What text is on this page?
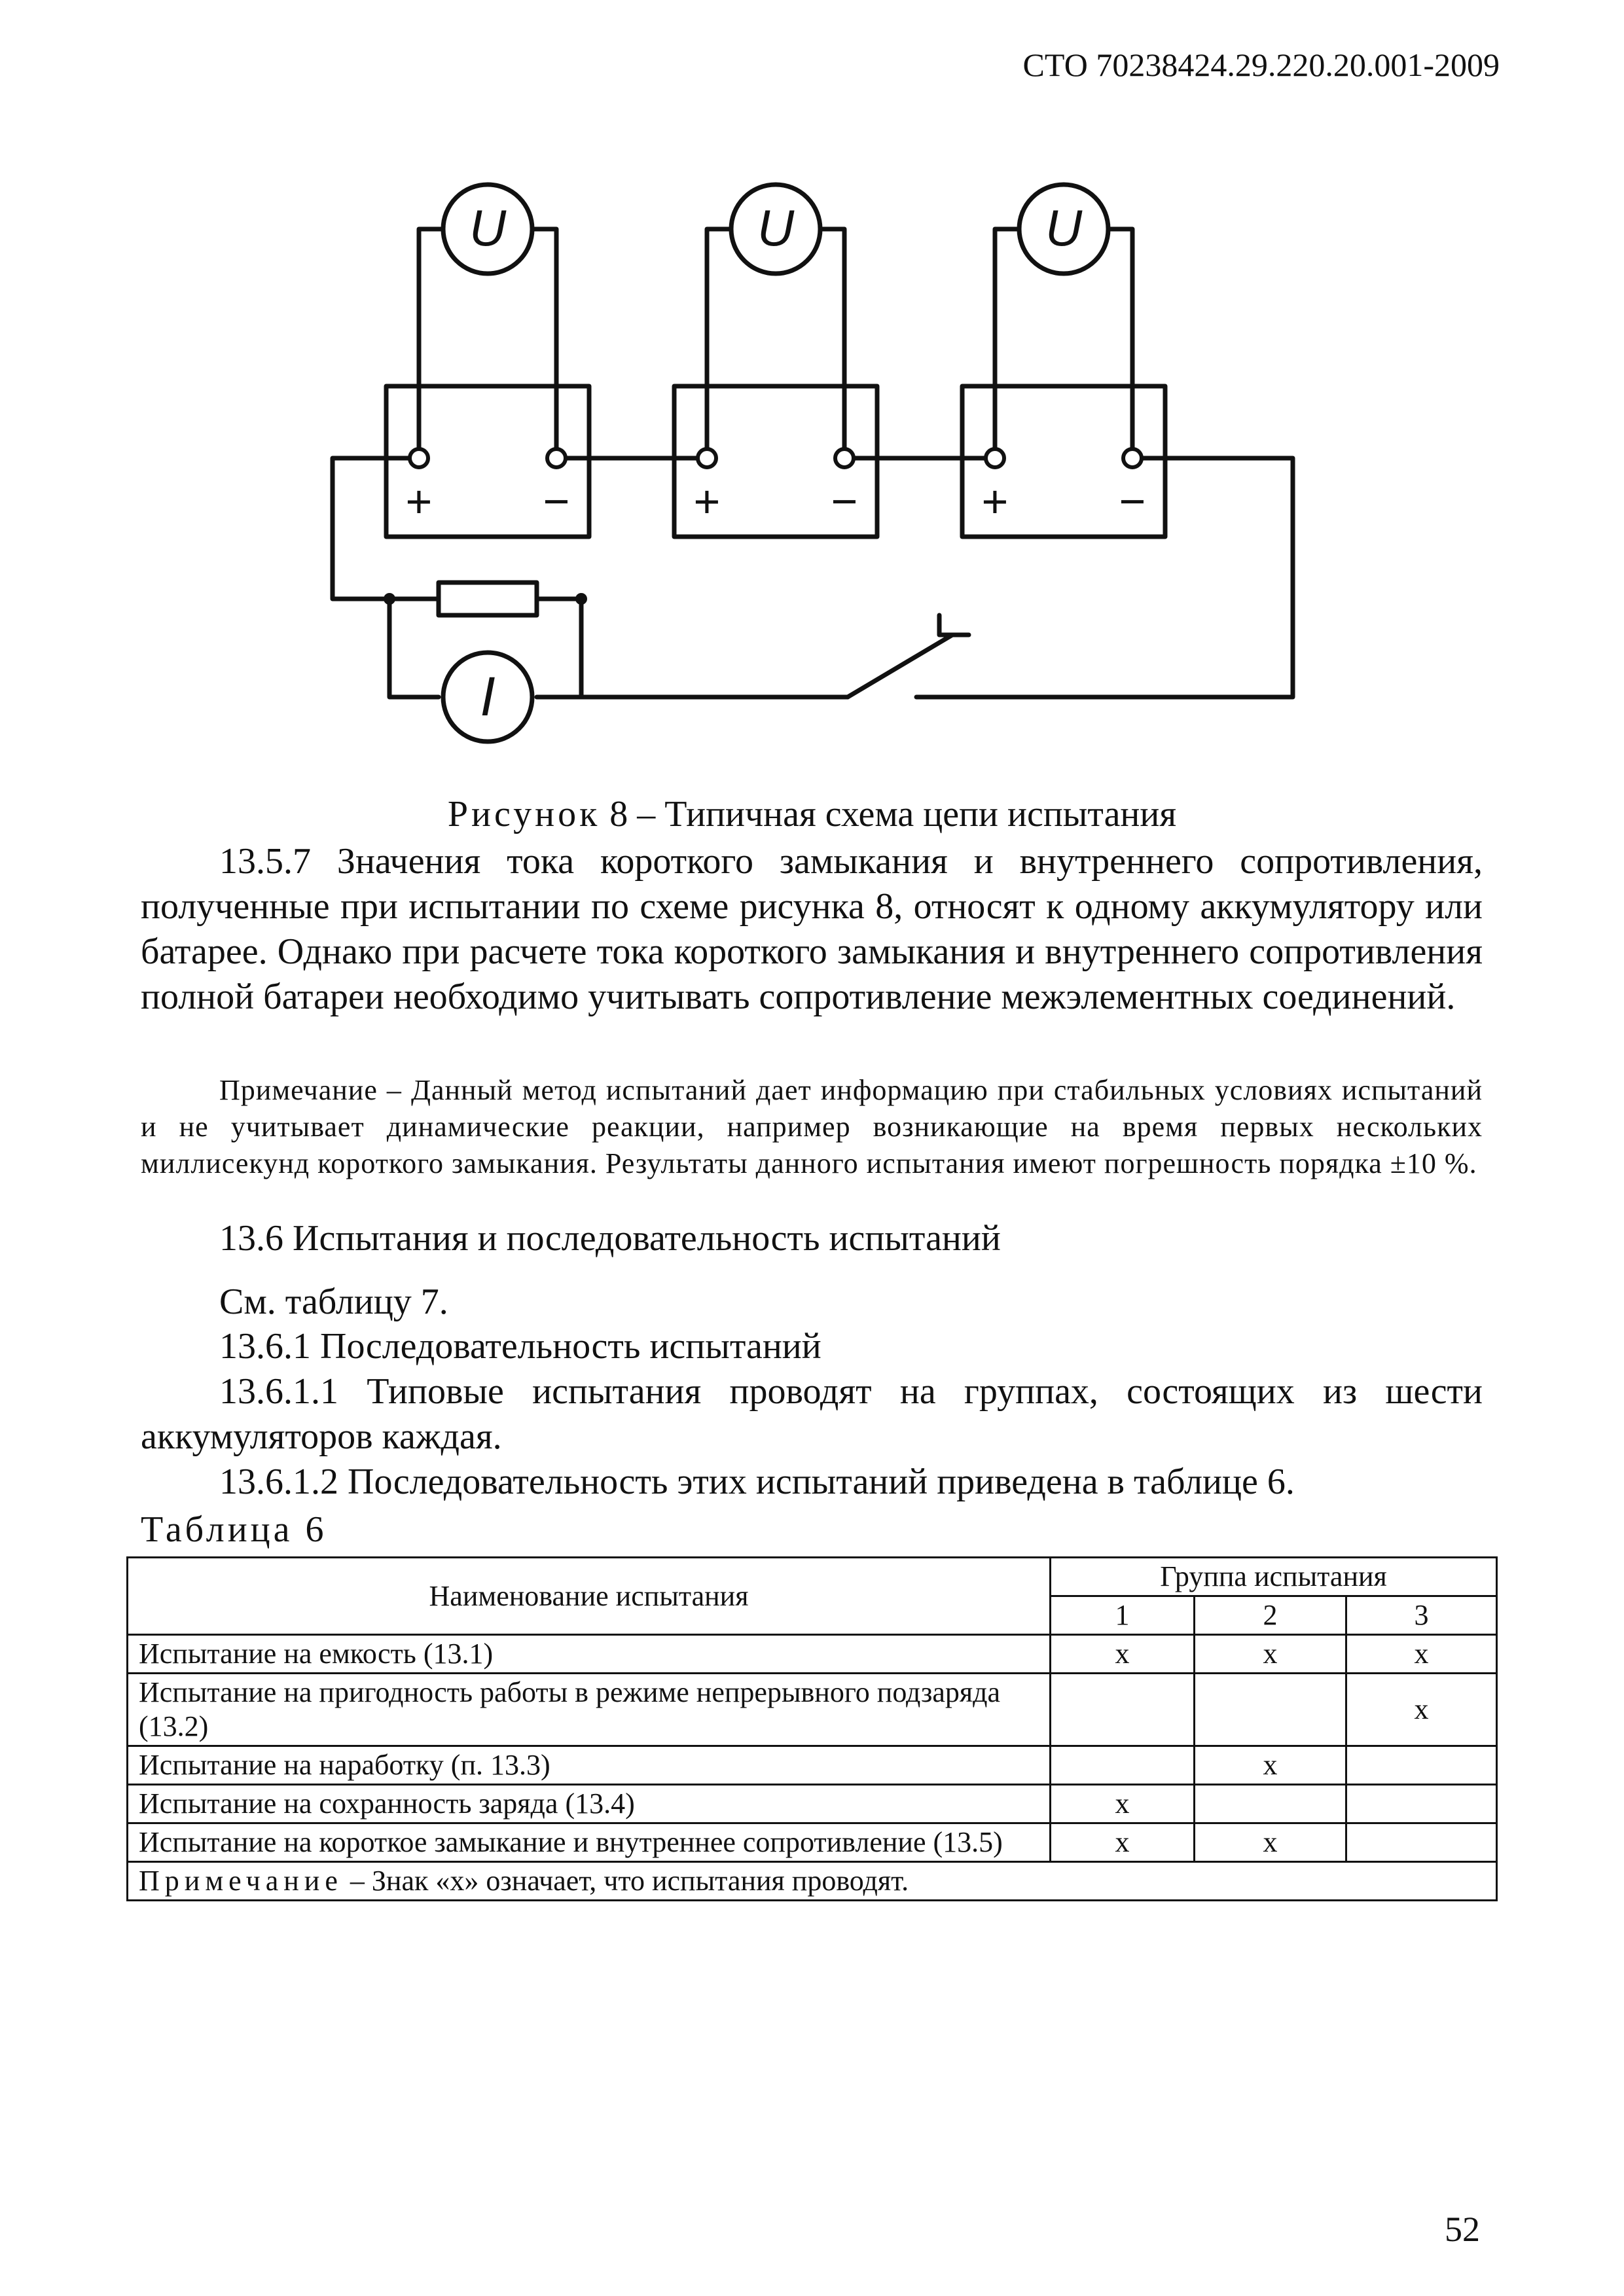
СТО 70238424.29.220.20.001-2009
U	U	U
I
+ −	+ −	+ −
Рисунок 8 – Типичная схема цепи испытания

13.5.7 Значения тока короткого замыкания и внутреннего сопротивления, полученные при испытании по схеме рисунка 8, относят к одному аккумулятору или батарее. Однако при расчете тока короткого замыкания и внутреннего сопротивления полной батареи необходимо учитывать сопротивление межэлементных соединений.

Примечание – Данный метод испытаний дает информацию при стабильных условиях испытаний и не учитывает динамические реакции, например возникающие на время первых нескольких миллисекунд короткого замыкания. Результаты данного испытания имеют погрешность порядка ±10 %.

13.6 Испытания и последовательность испытаний

См. таблицу 7.

13.6.1 Последовательность испытаний

13.6.1.1 Типовые испытания проводят на группах, состоящих из шести аккумуляторов каждая.

13.6.1.2 Последовательность этих испытаний приведена в таблице 6.

Таблица 6
Наименование испытания	Группа испытания		
	1	2	3
Испытание на емкость (13.1)	х	х	х
Испытание на пригодность работы в режиме непрерывного подзаряда (13.2)			х
Испытание на наработку (п. 13.3)		х	
Испытание на сохранность заряда (13.4)	х		
Испытание на короткое замыкание и внутреннее сопротивление (13.5)	х	х	
Примечание – Знак «х» означает, что испытания проводят.			
52
